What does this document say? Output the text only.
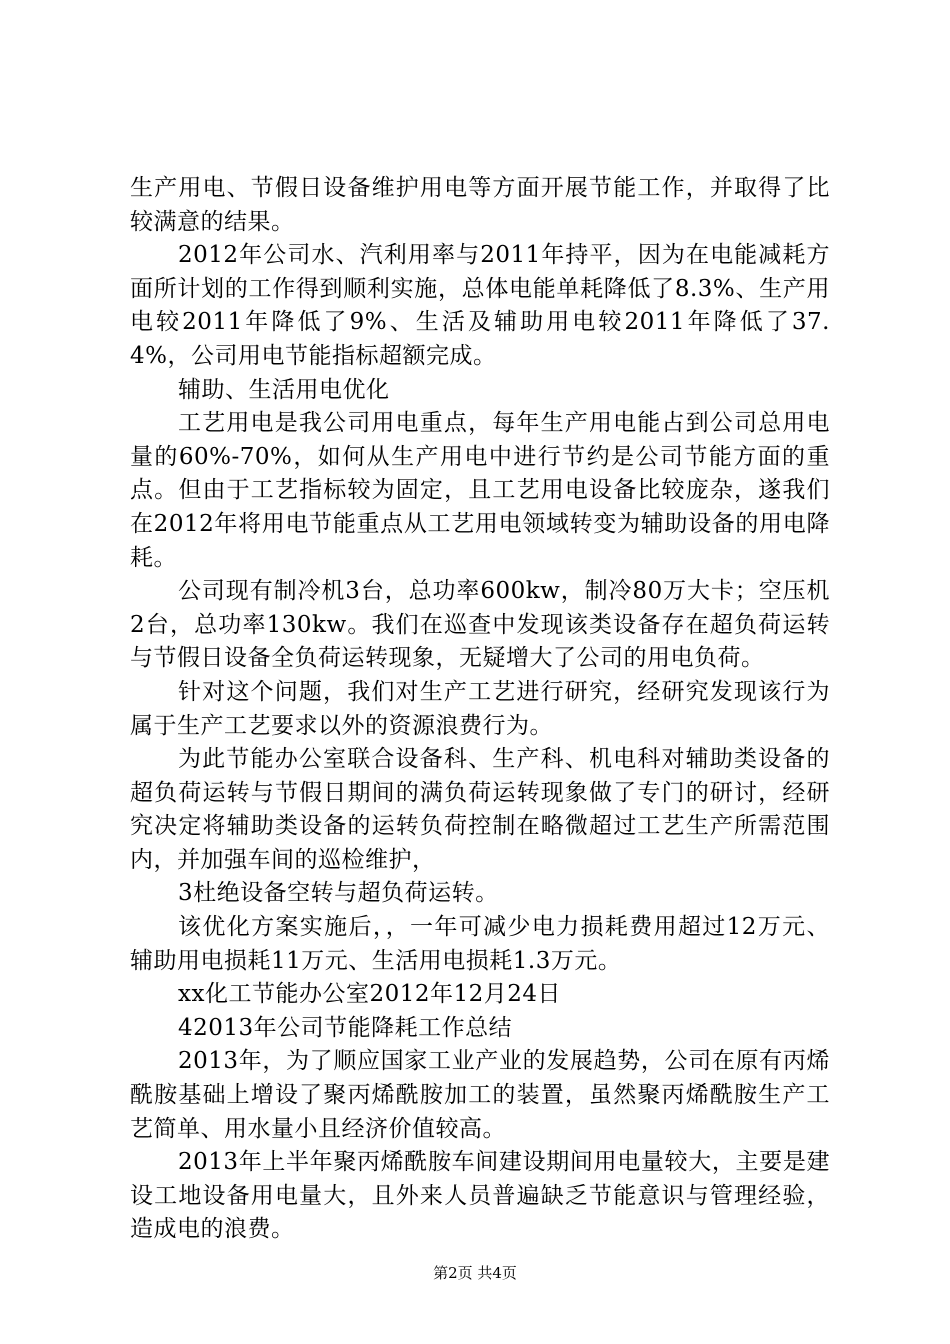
生产用电、节假日设备维护用电等方面开展节能工作，并取得了比较满意的结果。

2012年公司水、汽利用率与2011年持平，因为在电能减耗方面所计划的工作得到顺利实施，总体电能单耗降低了8.3%、生产用电较2011年降低了9%、生活及辅助用电较2011年降低了37.4%，公司用电节能指标超额完成。

辅助、生活用电优化

工艺用电是我公司用电重点，每年生产用电能占到公司总用电量的60%-70%，如何从生产用电中进行节约是公司节能方面的重点。但由于工艺指标较为固定，且工艺用电设备比较庞杂，遂我们在2012年将用电节能重点从工艺用电领域转变为辅助设备的用电降耗。

公司现有制冷机3台，总功率600kw，制冷80万大卡；空压机2台，总功率130kw。我们在巡查中发现该类设备存在超负荷运转与节假日设备全负荷运转现象，无疑增大了公司的用电负荷。

针对这个问题，我们对生产工艺进行研究，经研究发现该行为属于生产工艺要求以外的资源浪费行为。

为此节能办公室联合设备科、生产科、机电科对辅助类设备的超负荷运转与节假日期间的满负荷运转现象做了专门的研讨，经研究决定将辅助类设备的运转负荷控制在略微超过工艺生产所需范围内，并加强车间的巡检维护，

3杜绝设备空转与超负荷运转。

该优化方案实施后，，一年可减少电力损耗费用超过12万元、辅助用电损耗11万元、生活用电损耗1.3万元。

xx化工节能办公室2012年12月24日

42013年公司节能降耗工作总结

2013年，为了顺应国家工业产业的发展趋势，公司在原有丙烯酰胺基础上增设了聚丙烯酰胺加工的装置，虽然聚丙烯酰胺生产工艺简单、用水量小且经济价值较高。

2013年上半年聚丙烯酰胺车间建设期间用电量较大，主要是建设工地设备用电量大，且外来人员普遍缺乏节能意识与管理经验，造成电的浪费。

第2页 共4页
